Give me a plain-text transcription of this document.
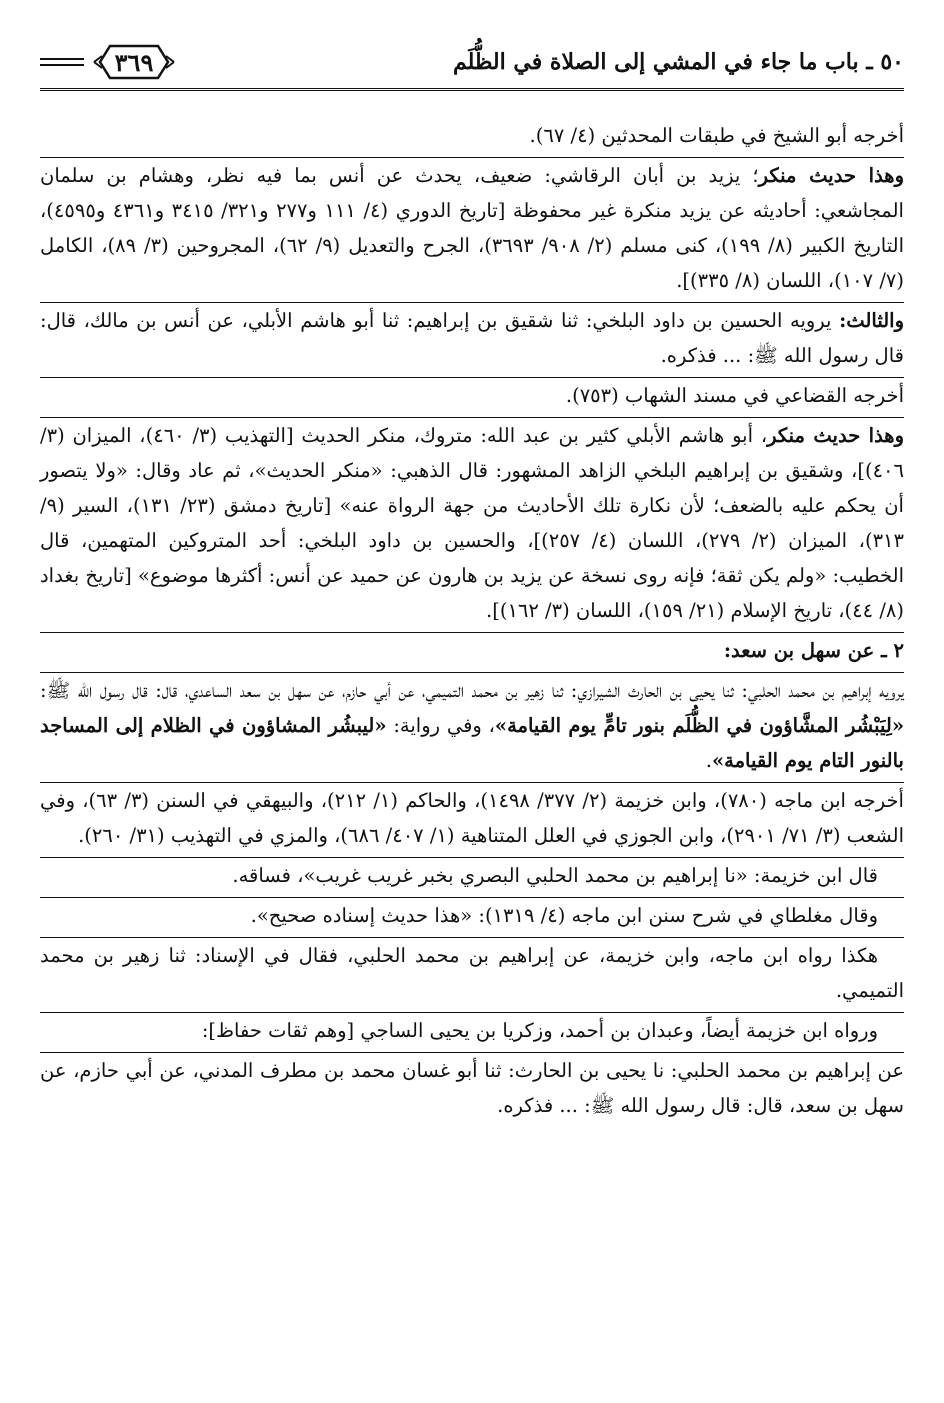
٥٠ ـ باب ما جاء في المشي إلى الصلاة في الظُّلَم
٣٦٩

أخرجه أبو الشيخ في طبقات المحدثين (٤/ ٦٧).

وهذا حديث منكر؛ يزيد بن أبان الرقاشي: ضعيف، يحدث عن أنس بما فيه نظر، وهشام بن سلمان المجاشعي: أحاديثه عن يزيد منكرة غير محفوظة [تاريخ الدوري (٤/ ١١١ و٢٧٧ و٣٢١/ ٣٤١٥ و٤٣٦١ و٤٥٩٥)، التاريخ الكبير (٨/ ١٩٩)، كنى مسلم (٢/ ٩٠٨/ ٣٦٩٣)، الجرح والتعديل (٩/ ٦٢)، المجروحين (٣/ ٨٩)، الكامل (٧/ ١٠٧)، اللسان (٨/ ٣٣٥)].

والثالث: يرويه الحسين بن داود البلخي: ثنا شقيق بن إبراهيم: ثنا أبو هاشم الأبلي، عن أنس بن مالك، قال: قال رسول الله ﷺ: ... فذكره.

أخرجه القضاعي في مسند الشهاب (٧٥٣).

وهذا حديث منكر، أبو هاشم الأبلي كثير بن عبد الله: متروك، منكر الحديث [التهذيب (٣/ ٤٦٠)، الميزان (٣/ ٤٠٦)]، وشقيق بن إبراهيم البلخي الزاهد المشهور: قال الذهبي: «منكر الحديث»، ثم عاد وقال: «ولا يتصور أن يحكم عليه بالضعف؛ لأن نكارة تلك الأحاديث من جهة الرواة عنه» [تاريخ دمشق (٢٣/ ١٣١)، السير (٩/ ٣١٣)، الميزان (٢/ ٢٧٩)، اللسان (٤/ ٢٥٧)]، والحسين بن داود البلخي: أحد المتروكين المتهمين، قال الخطيب: «ولم يكن ثقة؛ فإنه روى نسخة عن يزيد بن هارون عن حميد عن أنس: أكثرها موضوع» [تاريخ بغداد (٨/ ٤٤)، تاريخ الإسلام (٢١/ ١٥٩)، اللسان (٣/ ١٦٢)].

٢ ـ عن سهل بن سعد:

يرويه إبراهيم بن محمد الحلبي: ثنا يحيى بن الحارث الشيرازي: ثنا زهير بن محمد التميمي، عن أبي حازم، عن سهل بن سعد الساعدي، قال: قال رسول الله ﷺ: «لِيَبْشُر المشَّاؤون في الظُّلَم بنور تامٍّ يوم القيامة»، وفي رواية: «ليبشُر المشاؤون في الظلام إلى المساجد بالنور التام يوم القيامة».

أخرجه ابن ماجه (٧٨٠)، وابن خزيمة (٢/ ٣٧٧/ ١٤٩٨)، والحاكم (١/ ٢١٢)، والبيهقي في السنن (٣/ ٦٣)، وفي الشعب (٣/ ٧١/ ٢٩٠١)، وابن الجوزي في العلل المتناهية (١/ ٤٠٧/ ٦٨٦)، والمزي في التهذيب (٣١/ ٢٦٠).

قال ابن خزيمة: «نا إبراهيم بن محمد الحلبي البصري بخبر غريب غريب»، فساقه.

وقال مغلطاي في شرح سنن ابن ماجه (٤/ ١٣١٩): «هذا حديث إسناده صحيح».

هكذا رواه ابن ماجه، وابن خزيمة، عن إبراهيم بن محمد الحلبي، فقال في الإسناد: ثنا زهير بن محمد التميمي.

ورواه ابن خزيمة أيضاً، وعبدان بن أحمد، وزكريا بن يحيى الساجي [وهم ثقات حفاظ]:

عن إبراهيم بن محمد الحلبي: نا يحيى بن الحارث: ثنا أبو غسان محمد بن مطرف المدني، عن أبي حازم، عن سهل بن سعد، قال: قال رسول الله ﷺ: ... فذكره.
